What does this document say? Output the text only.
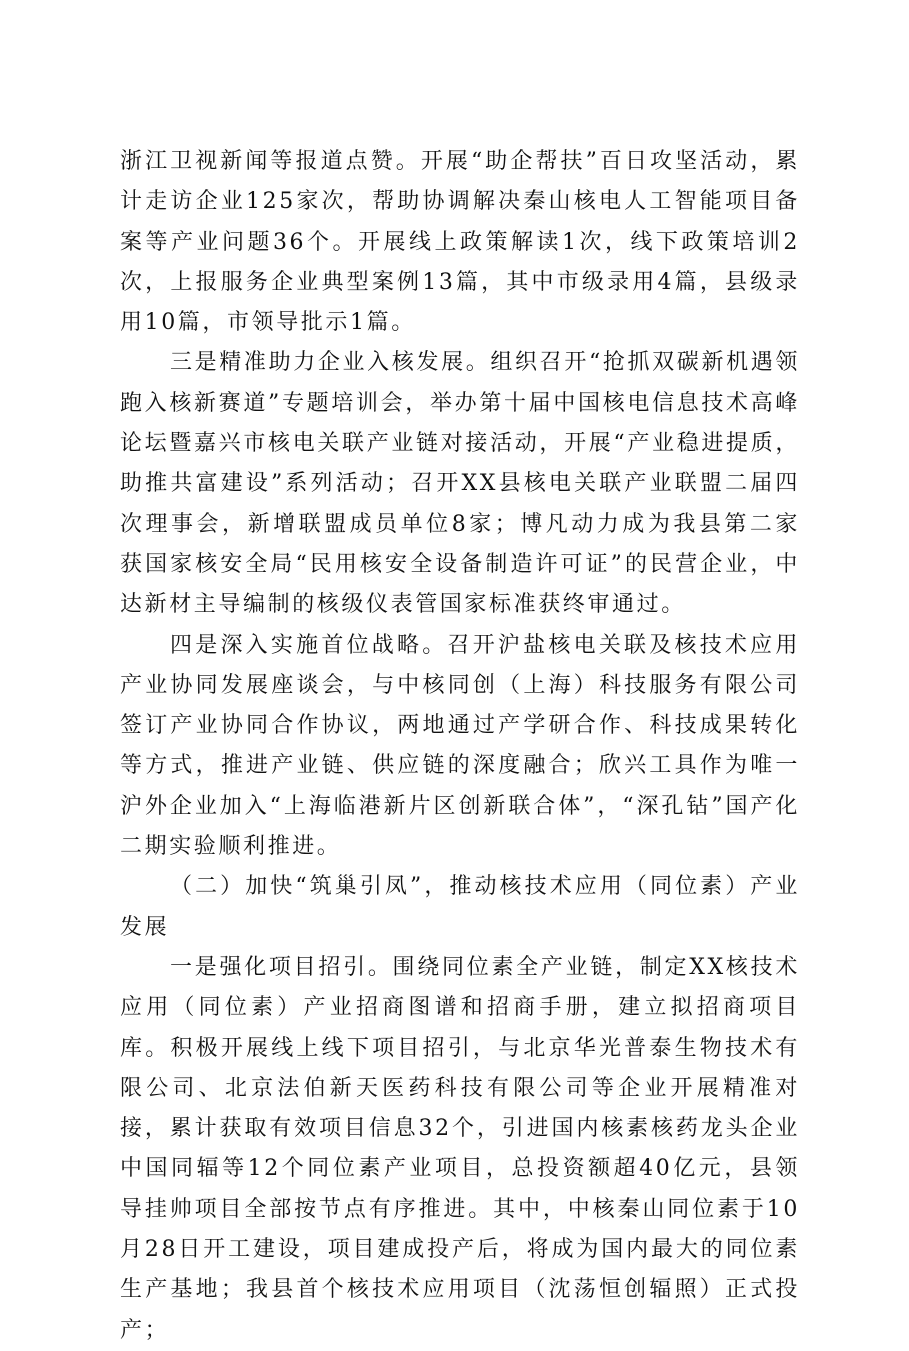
浙江卫视新闻等报道点赞。开展“助企帮扶”百日攻坚活动，累计走访企业125家次，帮助协调解决秦山核电人工智能项目备案等产业问题36个。开展线上政策解读1次，线下政策培训2次，上报服务企业典型案例13篇，其中市级录用4篇，县级录用10篇，市领导批示1篇。

三是精准助力企业入核发展。组织召开“抢抓双碳新机遇领跑入核新赛道”专题培训会，举办第十届中国核电信息技术高峰论坛暨嘉兴市核电关联产业链对接活动，开展“产业稳进提质，助推共富建设”系列活动；召开XX县核电关联产业联盟二届四次理事会，新增联盟成员单位8家；博凡动力成为我县第二家获国家核安全局“民用核安全设备制造许可证”的民营企业，中达新材主导编制的核级仪表管国家标准获终审通过。

四是深入实施首位战略。召开沪盐核电关联及核技术应用产业协同发展座谈会，与中核同创（上海）科技服务有限公司签订产业协同合作协议，两地通过产学研合作、科技成果转化等方式，推进产业链、供应链的深度融合；欣兴工具作为唯一沪外企业加入“上海临港新片区创新联合体”，“深孔钻”国产化二期实验顺利推进。

（二）加快“筑巢引凤”，推动核技术应用（同位素）产业发展

一是强化项目招引。围绕同位素全产业链，制定XX核技术应用（同位素）产业招商图谱和招商手册，建立拟招商项目库。积极开展线上线下项目招引，与北京华光普泰生物技术有限公司、北京法伯新天医药科技有限公司等企业开展精准对接，累计获取有效项目信息32个，引进国内核素核药龙头企业中国同辐等12个同位素产业项目，总投资额超40亿元，县领导挂帅项目全部按节点有序推进。其中，中核秦山同位素于10月28日开工建设，项目建成投产后，将成为国内最大的同位素生产基地；我县首个核技术应用项目（沈荡恒创辐照）正式投产；
